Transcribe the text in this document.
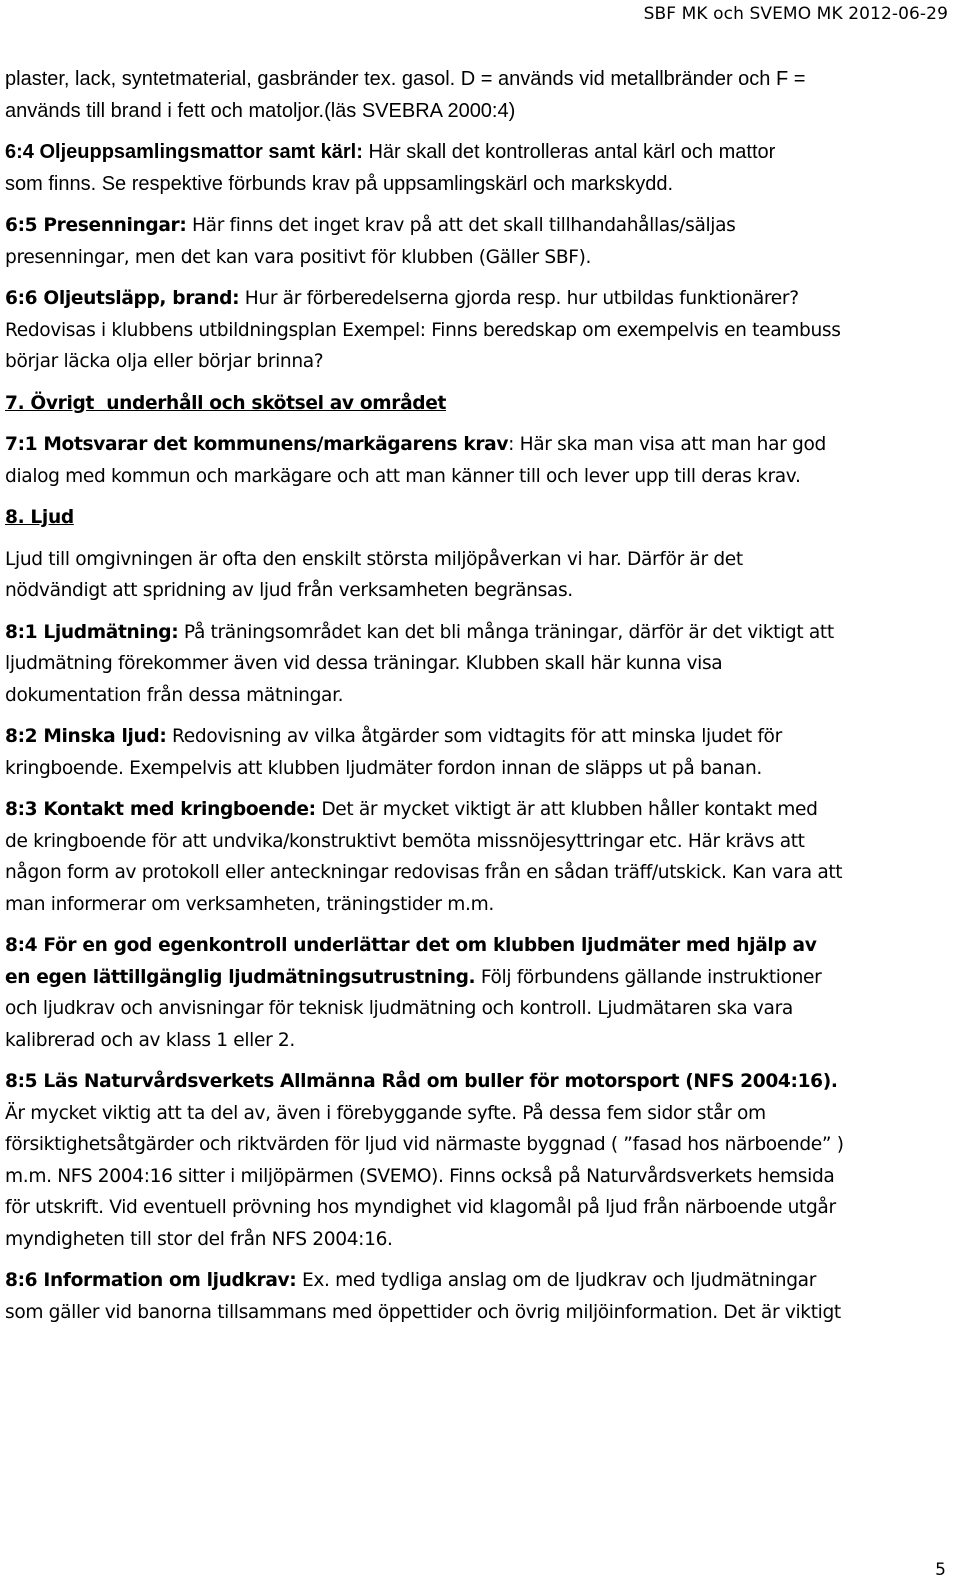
SBF MK och SVEMO MK 2012-06-29

plaster, lack, syntetmaterial, gasbränder tex. gasol. D = används vid metallbränder och F =

används till brand i fett och matoljor.(läs SVEBRA 2000:4)

6:4 Oljeuppsamlingsmattor samt kärl: Här skall det kontrolleras antal kärl och mattor

som finns. Se respektive förbunds krav på uppsamlingskärl och markskydd.

6:5 Presenningar: Här finns det inget krav på att det skall tillhandahållas/säljas

presenningar, men det kan vara positivt för klubben (Gäller SBF).

6:6 Oljeutsläpp, brand: Hur är förberedelserna gjorda resp. hur utbildas funktionärer?

Redovisas i klubbens utbildningsplan Exempel: Finns beredskap om exempelvis en teambuss

börjar läcka olja eller börjar brinna?

7. Övrigt  underhåll och skötsel av området

7:1 Motsvarar det kommunens/markägarens krav: Här ska man visa att man har god

dialog med kommun och markägare och att man känner till och lever upp till deras krav.

8. Ljud

Ljud till omgivningen är ofta den enskilt största miljöpåverkan vi har. Därför är det

nödvändigt att spridning av ljud från verksamheten begränsas.

8:1 Ljudmätning: På träningsområdet kan det bli många träningar, därför är det viktigt att

ljudmätning förekommer även vid dessa träningar. Klubben skall här kunna visa

dokumentation från dessa mätningar.

8:2 Minska ljud: Redovisning av vilka åtgärder som vidtagits för att minska ljudet för

kringboende. Exempelvis att klubben ljudmäter fordon innan de släpps ut på banan.

8:3 Kontakt med kringboende: Det är mycket viktigt är att klubben håller kontakt med

de kringboende för att undvika/konstruktivt bemöta missnöjesyttringar etc. Här krävs att

någon form av protokoll eller anteckningar redovisas från en sådan träff/utskick. Kan vara att

man informerar om verksamheten, träningstider m.m.

8:4 För en god egenkontroll underlättar det om klubben ljudmäter med hjälp av

en egen lättillgänglig ljudmätningsutrustning. Följ förbundens gällande instruktioner

och ljudkrav och anvisningar för teknisk ljudmätning och kontroll. Ljudmätaren ska vara

kalibrerad och av klass 1 eller 2.

8:5 Läs Naturvårdsverkets Allmänna Råd om buller för motorsport (NFS 2004:16).

Är mycket viktig att ta del av, även i förebyggande syfte. På dessa fem sidor står om

försiktighetsåtgärder och riktvärden för ljud vid närmaste byggnad ( ”fasad hos närboende” )

m.m. NFS 2004:16 sitter i miljöpärmen (SVEMO). Finns också på Naturvårdsverkets hemsida

för utskrift. Vid eventuell prövning hos myndighet vid klagomål på ljud från närboende utgår

myndigheten till stor del från NFS 2004:16.

8:6 Information om ljudkrav: Ex. med tydliga anslag om de ljudkrav och ljudmätningar

som gäller vid banorna tillsammans med öppettider och övrig miljöinformation. Det är viktigt

5
